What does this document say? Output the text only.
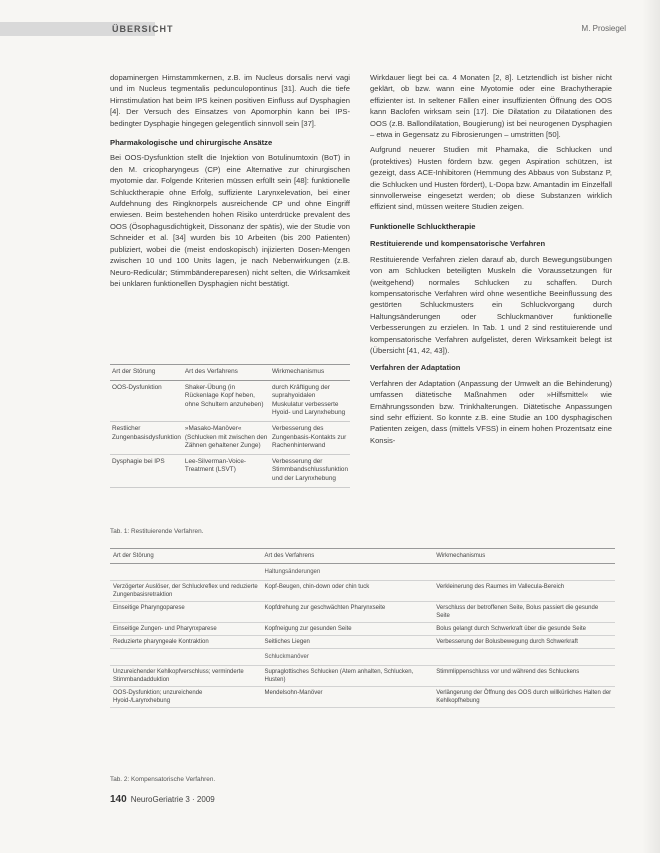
ÜBERSICHT	M. Prosiegel

dopaminergen Hirnstammkernen, z.B. im Nucleus dorsalis nervi vagi und im Nucleus tegmentalis pedunculopontinus [31]. Auch die tiefe Hirnstimulation hat beim IPS keinen positiven Einfluss auf Dysphagien [4]. Der Versuch des Einsatzes von Apomorphin kann bei IPS-bedingter Dysphagie hingegen gelegentlich sinnvoll sein [37].

Pharmakologische und chirurgische Ansätze

Bei OOS-Dysfunktion stellt die Injektion von Botulinumtoxin (BoT) in den M. cricopharyngeus (CP) eine Alternative zur chirurgischen myotomie dar. Folgende Kriterien müssen erfüllt sein [48]: funktionelle Schlucktherapie ohne Erfolg, suffiziente Larynxelevation, bei einer Aufdehnung des Ringknorpels ausreichende CP und ohne Eingriff erwiesen. Beim bestehenden hohen Risiko unterdrücke prevalent des OOS (Ösophagusdichtigkeit, Dissonanz der spätis), wie der Studie von Schneider et al. [34] wurden bis 10 Arbeiten (bis 200 Patienten) publiziert, wobei die (meist endoskopisch) injizierten Dosen-Mengen zwischen 10 und 100 Units lagen, je nach Nebenwirkungen (z.B. Neuro-Rediculär; Stimmbändereparesen) nicht selten, die Wirksamkeit bei unklaren funktionellen Dysphagien nicht bestätigt.

Wirkdauer liegt bei ca. 4 Monaten [2, 8]. Letztendlich ist bisher nicht geklärt, ob bzw. wann eine Myotomie oder eine Brachytherapie effizienter ist. In seltener Fällen einer insuffizienten Öffnung des OOS kann Baclofen wirksam sein [17]. Die Dilatation zu Dilatationen des OOS (z.B. Ballondilatation, Bougierung) ist bei neurogenen Dysphagien – etwa in Gegensatz zu Fibrosierungen – umstritten [50].

Aufgrund neuerer Studien mit Phamaka, die Schlucken und (protektives) Husten fördern bzw. gegen Aspiration schützen, ist gezeigt, dass ACE-Inhibitoren (Hemmung des Abbaus von Substanz P, die Schlucken und Husten fördert), L-Dopa bzw. Amantadin im Einzelfall sinnvollerweise eingesetzt werden; ob diese Substanzen wirklich effizient sind, müssen weitere Studien zeigen.

Funktionelle Schlucktherapie
Restituierende und kompensatorische Verfahren

Restituierende Verfahren zielen darauf ab, durch Bewegungsübungen von am Schlucken beteiligten Muskeln die Voraussetzungen für (weitgehend) normales Schlucken zu schaffen. Durch kompensatorische Verfahren wird ohne wesentliche Beeinflussung des gestörten Schluckmusters ein Schluckvorgang durch Haltungsänderungen oder Schluckmanöver funktionelle Verbesserungen zu erzielen. In Tab. 1 und 2 sind restituierende und kompensatorische Verfahren aufgelistet, deren Wirksamkeit belegt ist (Übersicht [41, 42, 43]).

Verfahren der Adaptation

Verfahren der Adaptation (Anpassung der Umwelt an die Behinderung) umfassen diätetische Maßnahmen oder »Hilfsmittel« wie Ernährungssonden bzw. Trinkhalterungen. Diätetische Anpassungen sind sehr effizient. So konnte z.B. eine Studie an 100 dysphagischen Patienten zeigen, dass (mittels VFSS) in einem hohen Prozentsatz eine Konsis-

Art der Störung	Art des Verfahrens	Wirkmechanismus
OOS-Dysfunktion	Shaker-Übung (in Rückenlage Kopf heben, ohne Schultern anzuheben)	durch Kräftigung der suprahyoidalen Muskulatur verbesserte Hyoid- und Larynxhebung
Restlicher Zungenbasisdysfunktion	»Masako-Manöver« (Schlucken mit zwischen den Zähnen gehaltener Zunge)	Verbesserung des Zungenbasis-Kontakts zur Rachenhinterwand
Dysphagie bei IPS	Lee-Silverman-Voice-Treatment (LSVT)	Verbesserung der Stimmbandschlussfunktion und der Larynxhebung
Tab. 1: Restituierende Verfahren.
Art der Störung	Art des Verfahrens	Wirkmechanismus
	Haltungsänderungen	
Verzögerter Auslöser, der Schluckreflex und reduzierte Zungenbasisretraktion	Kopf-Beugen, chin-down oder chin tuck	Verkleinerung des Raumes im Vallecula-Bereich
Einseitige Pharyngoparese	Kopfdrehung zur geschwächten Pharynxseite	Verschluss der betroffenen Seite, Bolus passiert die gesunde Seite
Einseitige Zungen- und Pharynxparese	Kopfneigung zur gesunden Seite	Bolus gelangt durch Schwerkraft über die gesunde Seite
Reduzierte pharyngeale Kontraktion	Seitliches Liegen	Verbesserung der Bolusbewegung durch Schwerkraft
	Schluckmanöver	
Unzureichender Kehlkopfverschluss; verminderte Stimmbandadduktion	Supraglottisches Schlucken (Atem anhalten, Schlucken, Husten)	Stimmlippenschluss vor und während des Schluckens
OOS-Dysfunktion; unzureichende Hyoid-/Larynxhebung	Mendelsohn-Manöver	Verlängerung der Öffnung des OOS durch willkürliches Halten der Kehlkopfhebung
Tab. 2: Kompensatorische Verfahren.
140 NeuroGeriatrie 3 · 2009
